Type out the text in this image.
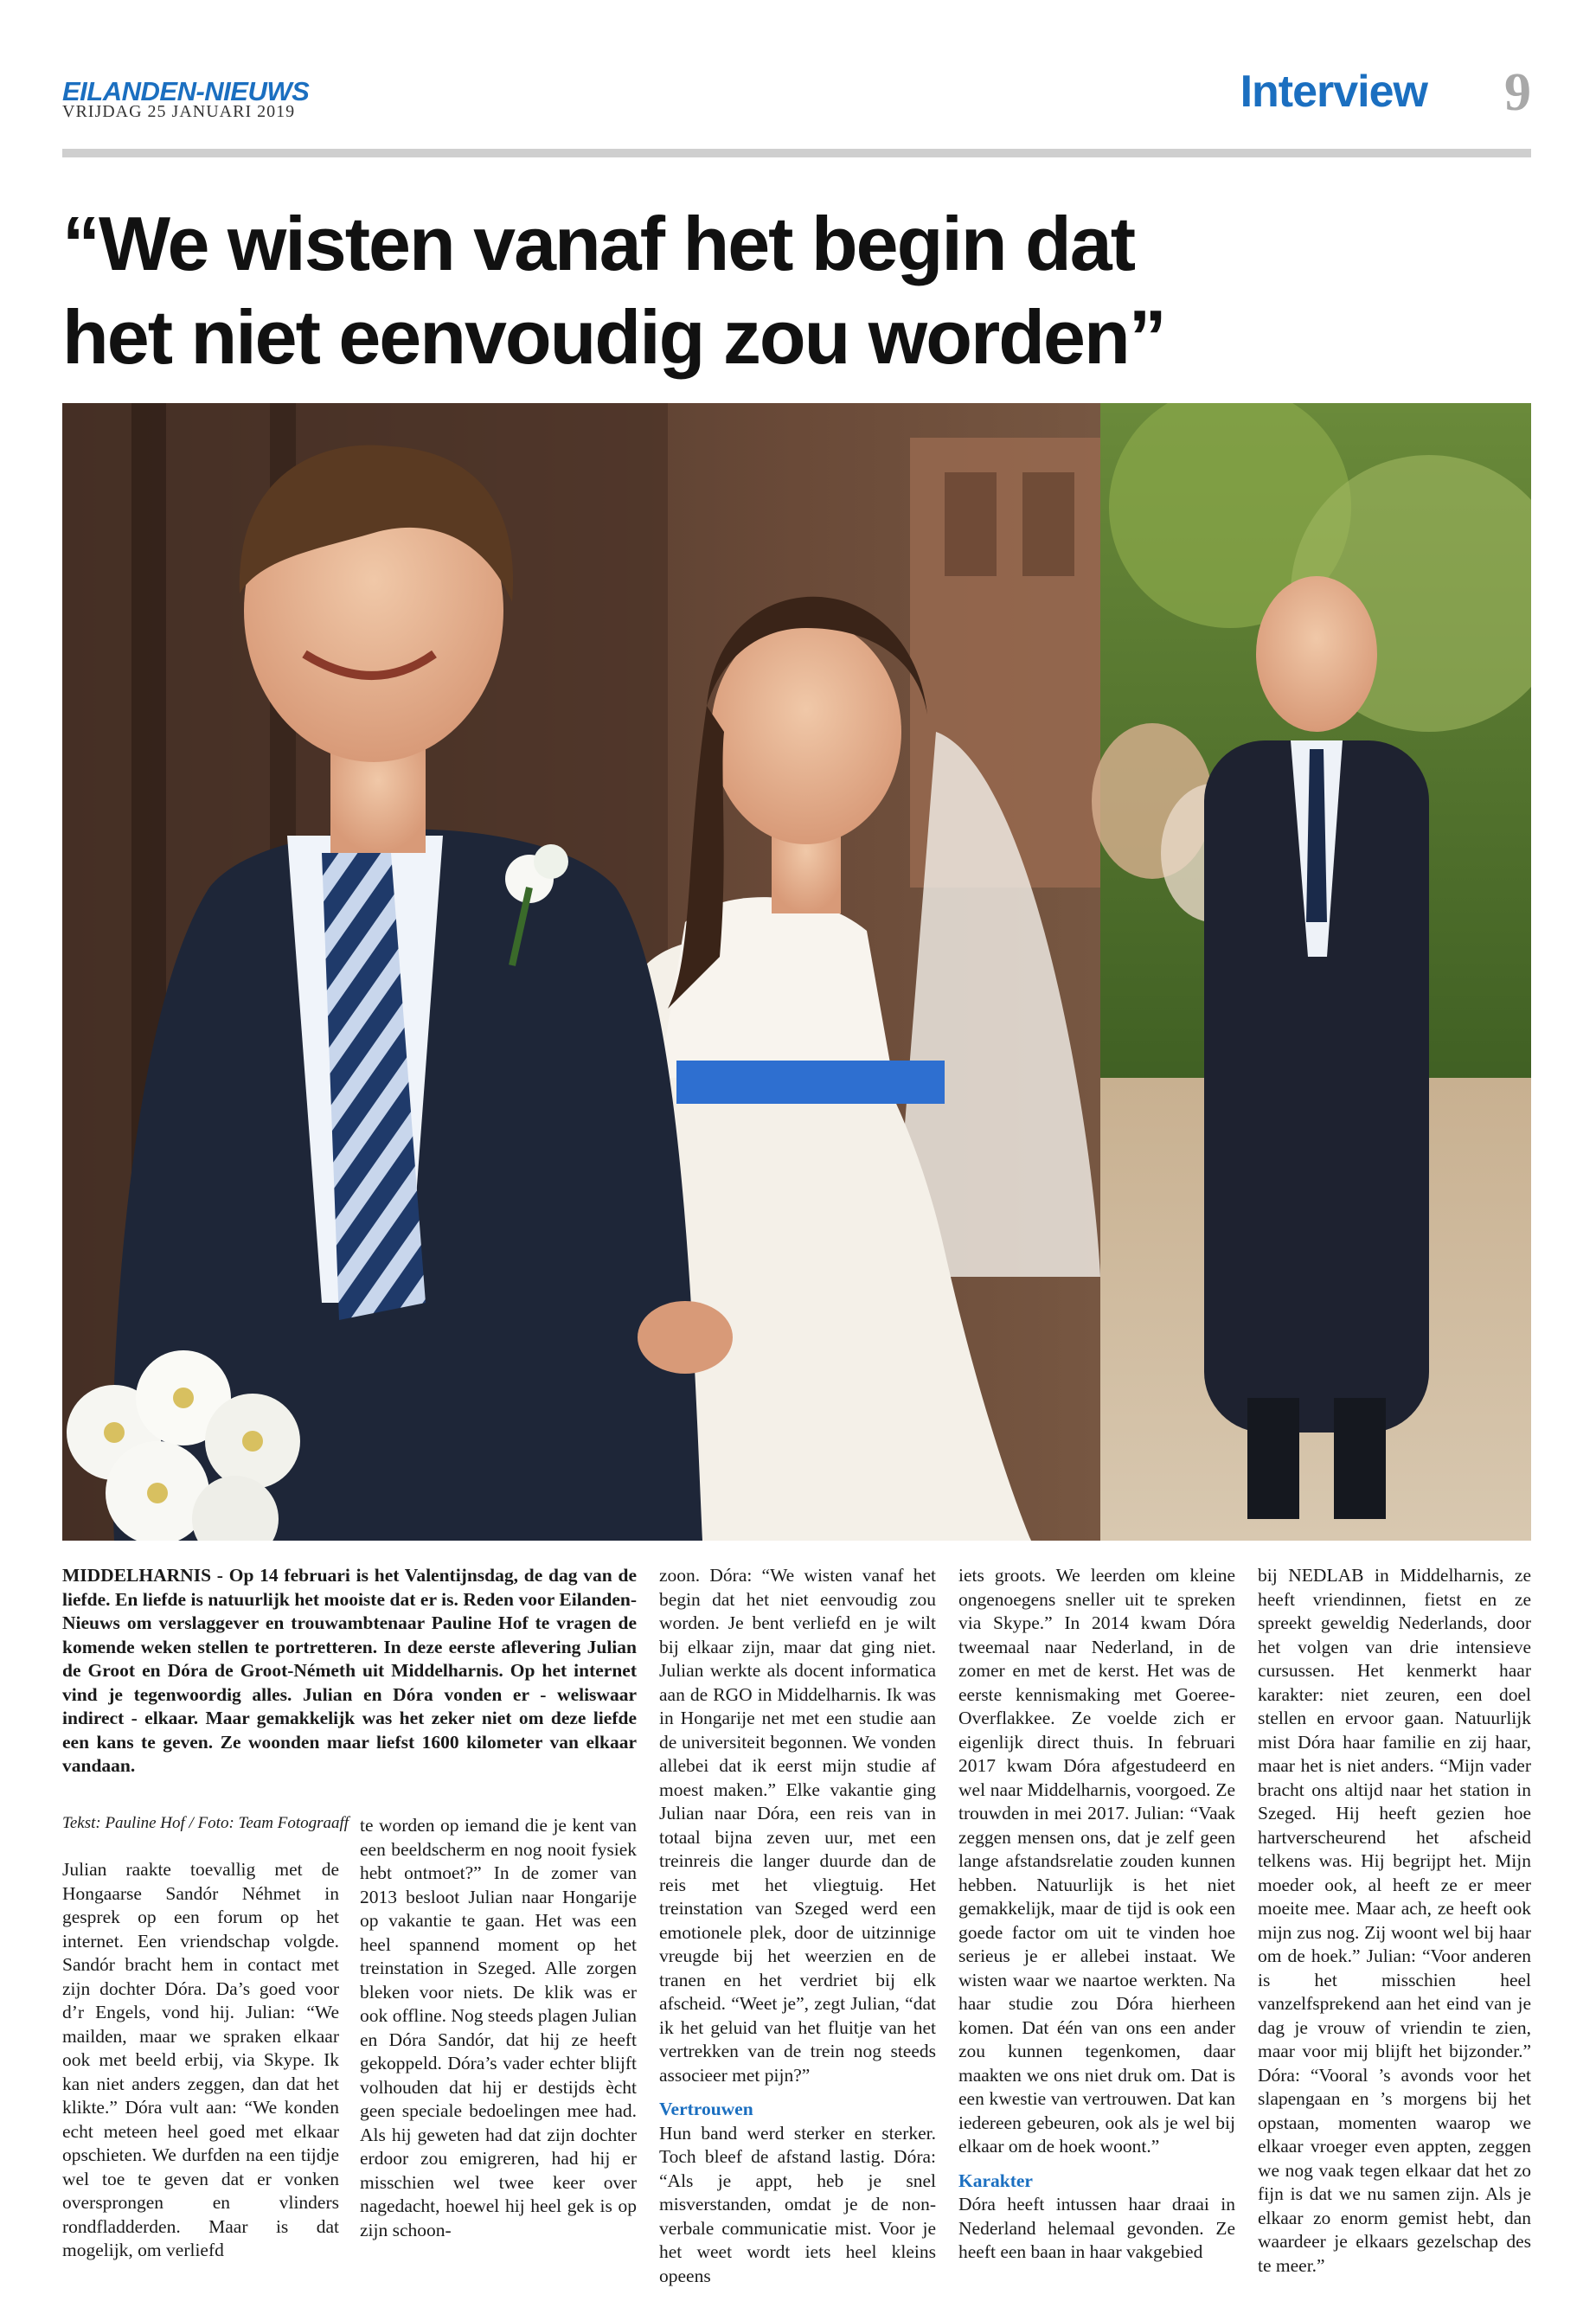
EILANDEN-NIEUWS
VRIJDAG 25 JANUARI 2019	Interview 9
“We wisten vanaf het begin dat
het niet eenvoudig zou worden”
MIDDELHARNIS - Op 14 februari is het Valentijnsdag, de dag van de liefde. En liefde is natuurlijk het mooiste dat er is. Reden voor Eilanden-Nieuws om verslaggever en trouwambtenaar Pauline Hof te vragen de komende weken stellen te portretteren. In deze eerste aflevering Julian de Groot en Dóra de Groot-Németh uit Middelharnis. Op het internet vind je tegenwoordig alles. Julian en Dóra vonden er - weliswaar indirect - elkaar. Maar gemakkelijk was het zeker niet om deze liefde een kans te geven. Ze woonden maar liefst 1600 kilometer van elkaar vandaan.
Tekst: Pauline Hof / Foto: Team Fotograaff

Julian raakte toevallig met de Hongaarse Sandór Néhmet in gesprek op een forum op het internet. Een vriendschap volgde. Sandór bracht hem in contact met zijn dochter Dóra. Da’s goed voor d’r Engels, vond hij. Julian: “We mailden, maar we spraken elkaar ook met beeld erbij, via Skype. Ik kan niet anders zeggen, dan dat het klikte.” Dóra vult aan: “We konden echt meteen heel goed met elkaar opschieten. We durfden na een tijdje wel toe te geven dat er vonken oversprongen en vlinders rondfladderden. Maar is dat mogelijk, om verliefd

te worden op iemand die je kent van een beeldscherm en nog nooit fysiek hebt ontmoet?” In de zomer van 2013 besloot Julian naar Hongarije op vakantie te gaan. Het was een heel spannend moment op het treinstation in Szeged. Alle zorgen bleken voor niets. De klik was er ook offline. Nog steeds plagen Julian en Dóra Sandór, dat hij ze heeft gekoppeld. Dóra’s vader echter blijft volhouden dat hij er destijds ècht geen speciale bedoelingen mee had. Als hij geweten had dat zijn dochter erdoor zou emigreren, had hij er misschien wel twee keer over nagedacht, hoewel hij heel gek is op zijn schoon-

zoon. Dóra: “We wisten vanaf het begin dat het niet eenvoudig zou worden. Je bent verliefd en je wilt bij elkaar zijn, maar dat ging niet. Julian werkte als docent informatica aan de RGO in Middelharnis. Ik was in Hongarije net met een studie aan de universiteit begonnen. We vonden allebei dat ik eerst mijn studie af moest maken.” Elke vakantie ging Julian naar Dóra, een reis van in totaal bijna zeven uur, met een treinreis die langer duurde dan de reis met het vliegtuig. Het treinstation van Szeged werd een emotionele plek, door de uitzinnige vreugde bij het weerzien en de tranen en het verdriet bij elk afscheid. “Weet je”, zegt Julian, “dat ik het geluid van het fluitje van het vertrekken van de trein nog steeds associeer met pijn?”

Vertrouwen

Hun band werd sterker en sterker. Toch bleef de afstand lastig. Dóra: “Als je appt, heb je snel misverstanden, omdat je de non-verbale communicatie mist. Voor je het weet wordt iets heel kleins opeens

iets groots. We leerden om kleine ongenoegens sneller uit te spreken via Skype.” In 2014 kwam Dóra tweemaal naar Nederland, in de zomer en met de kerst. Het was de eerste kennismaking met Goeree-Overflakkee. Ze voelde zich er eigenlijk direct thuis. In februari 2017 kwam Dóra afgestudeerd en wel naar Middelharnis, voorgoed. Ze trouwden in mei 2017. Julian: “Vaak zeggen mensen ons, dat je zelf geen lange afstandsrelatie zouden kunnen hebben. Natuurlijk is het niet gemakkelijk, maar de tijd is ook een goede factor om uit te vinden hoe serieus je er allebei instaat. We wisten waar we naartoe werkten. Na haar studie zou Dóra hierheen komen. Dat één van ons een ander zou kunnen tegenkomen, daar maakten we ons niet druk om. Dat is een kwestie van vertrouwen. Dat kan iedereen gebeuren, ook als je wel bij elkaar om de hoek woont.”

Karakter

Dóra heeft intussen haar draai in Nederland helemaal gevonden. Ze heeft een baan in haar vakgebied

bij NEDLAB in Middelharnis, ze heeft vriendinnen, fietst en ze spreekt geweldig Nederlands, door het volgen van drie intensieve cursussen. Het kenmerkt haar karakter: niet zeuren, een doel stellen en ervoor gaan. Natuurlijk mist Dóra haar familie en zij haar, maar het is niet anders. “Mijn vader bracht ons altijd naar het station in Szeged. Hij heeft gezien hoe hartverscheurend het afscheid telkens was. Hij begrijpt het. Mijn moeder ook, al heeft ze er meer moeite mee. Maar ach, ze heeft ook mijn zus nog. Zij woont wel bij haar om de hoek.” Julian: “Voor anderen is het misschien heel vanzelfsprekend aan het eind van je dag je vrouw of vriendin te zien, maar voor mij blijft het bijzonder.” Dóra: “Vooral ’s avonds voor het slapengaan en ’s morgens bij het opstaan, momenten waarop we elkaar vroeger even appten, zeggen we nog vaak tegen elkaar dat het zo fijn is dat we nu samen zijn. Als je elkaar zo enorm gemist hebt, dan waardeer je elkaars gezelschap des te meer.”
